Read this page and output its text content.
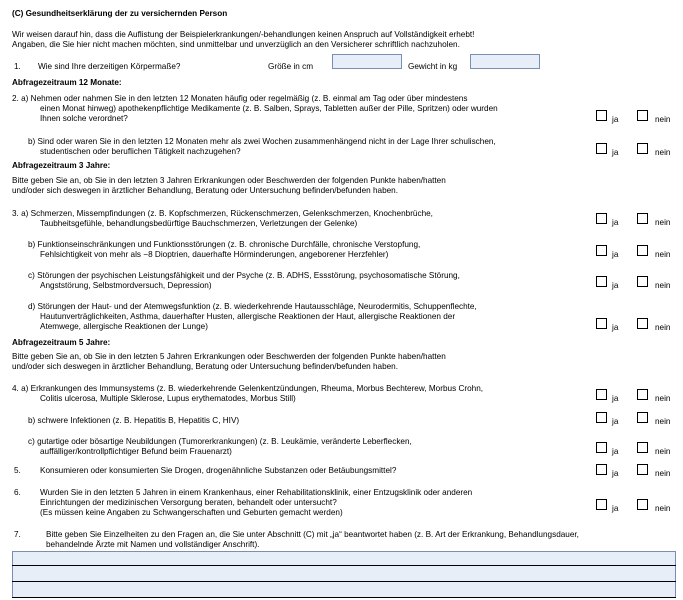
(C) Gesundheitserklärung der zu versichernden Person
Wir weisen darauf hin, dass die Auflistung der Beispielerkrankungen/-behandlungen keinen Anspruch auf Vollständigkeit erhebt!
Angaben, die Sie hier nicht machen möchten, sind unmittelbar und unverzüglich an den Versicherer schriftlich nachzuholen.
1. Wie sind Ihre derzeitigen Körpermaße?	Größe in cm	Gewicht in kg
Abfragezeitraum 12 Monate:
2. a) Nehmen oder nahmen Sie in den letzten 12 Monaten häufig oder regelmäßig (z. B. einmal am Tag oder über mindestens
einen Monat hinweg) apothekenpflichtige Medikamente (z. B. Salben, Sprays, Tabletten außer der Pille, Spritzen) oder wurden
Ihnen solche verordnet?	ja	nein
b) Sind oder waren Sie in den letzten 12 Monaten mehr als zwei Wochen zusammenhängend nicht in der Lage Ihrer schulischen,
studentischen oder beruflichen Tätigkeit nachzugehen?	ja	nein
Abfragezeitraum 3 Jahre:
Bitte geben Sie an, ob Sie in den letzten 3 Jahren Erkrankungen oder Beschwerden der folgenden Punkte haben/hatten
und/oder sich deswegen in ärztlicher Behandlung, Beratung oder Untersuchung befinden/befunden haben.
3. a) Schmerzen, Missempfindungen (z. B. Kopfschmerzen, Rückenschmerzen, Gelenkschmerzen, Knochenbrüche,
Taubheitsgefühle, behandlungsbedürftige Bauchschmerzen, Verletzungen der Gelenke)	ja	nein
b) Funktionseinschränkungen und Funktionsstörungen (z. B. chronische Durchfälle, chronische Verstopfung,
Fehlsichtigkeit von mehr als −8 Dioptrien, dauerhafte Hörminderungen, angeborener Herzfehler)	ja	nein
c) Störungen der psychischen Leistungsfähigkeit und der Psyche (z. B. ADHS, Essstörung, psychosomatische Störung,
Angststörung, Selbstmordversuch, Depression)	ja	nein
d) Störungen der Haut- und der Atemwegsfunktion (z. B. wiederkehrende Hautausschläge, Neurodermitis, Schuppenflechte,
Hautunverträglichkeiten, Asthma, dauerhafter Husten, allergische Reaktionen der Haut, allergische Reaktionen der
Atemwege, allergische Reaktionen der Lunge)	ja	nein
Abfragezeitraum 5 Jahre:
Bitte geben Sie an, ob Sie in den letzten 5 Jahren Erkrankungen oder Beschwerden der folgenden Punkte haben/hatten
und/oder sich deswegen in ärztlicher Behandlung, Beratung oder Untersuchung befinden/befunden haben.
4. a) Erkrankungen des Immunsystems (z. B. wiederkehrende Gelenkentzündungen, Rheuma, Morbus Bechterew, Morbus Crohn,
Colitis ulcerosa, Multiple Sklerose, Lupus erythematodes, Morbus Still)	ja	nein
b) schwere Infektionen (z. B. Hepatitis B, Hepatitis C, HIV)	ja	nein
c) gutartige oder bösartige Neubildungen (Tumorerkrankungen) (z. B. Leukämie, veränderte Leberflecken,
auffälliger/kontrollpflichtiger Befund beim Frauenarzt)	ja	nein
5. Konsumieren oder konsumierten Sie Drogen, drogenähnliche Substanzen oder Betäubungsmittel?	ja	nein
6. Wurden Sie in den letzten 5 Jahren in einem Krankenhaus, einer Rehabilitationsklinik, einer Entzugsklinik oder anderen
Einrichtungen der medizinischen Versorgung beraten, behandelt oder untersucht?
(Es müssen keine Angaben zu Schwangerschaften und Geburten gemacht werden)	ja	nein
7.	Bitte geben Sie Einzelheiten zu den Fragen an, die Sie unter Abschnitt (C) mit „ja“ beantwortet haben (z. B. Art der Erkrankung, Behandlungsdauer,
behandelnde Ärzte mit Namen und vollständiger Anschrift).
